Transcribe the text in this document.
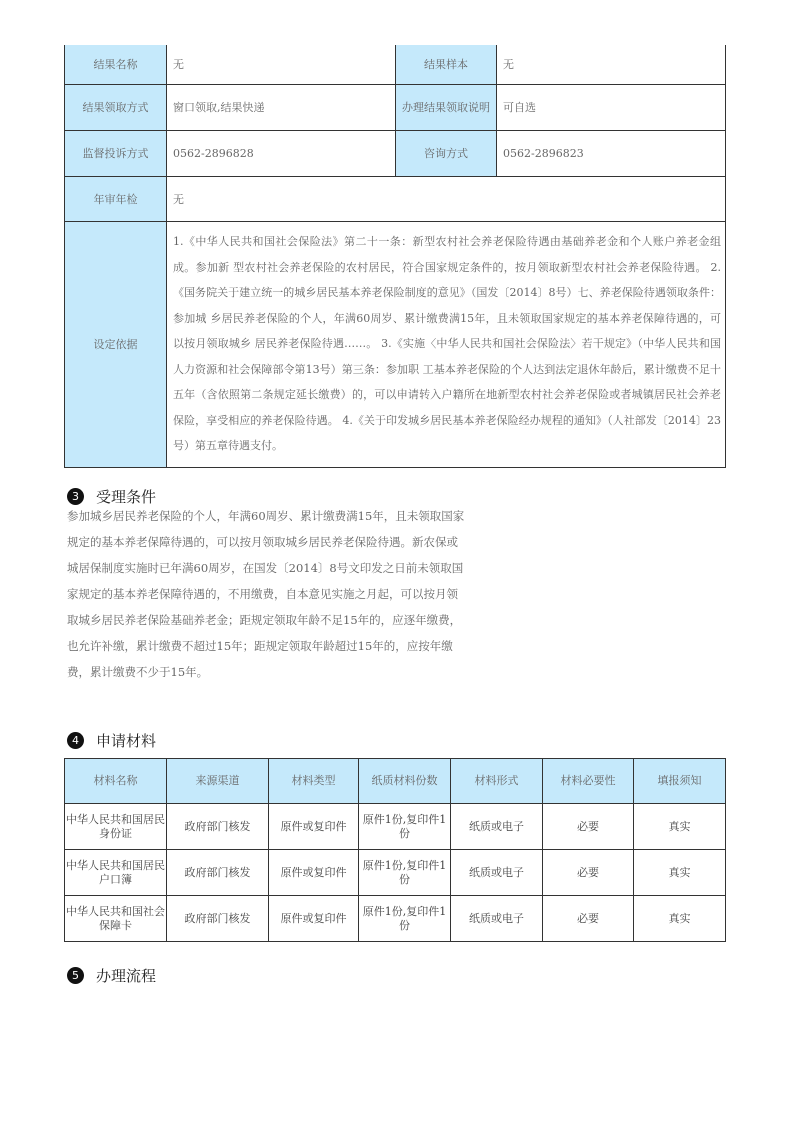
结果名称	无	结果样本	无
结果领取方式	窗口领取,结果快递	办理结果领取说明	可自选
监督投诉方式	0562-2896828	咨询方式	0562-2896823
年审年检	无		
设定依据	1.《中华人民共和国社会保险法》第二十一条：新型农村社会养老保险待遇由基础养老金和个人账户养老金组成。参加新 型农村社会养老保险的农村居民，符合国家规定条件的，按月领取新型农村社会养老保险待遇。 2.《国务院关于建立统一的城乡居民基本养老保险制度的意见》（国发〔2014〕8号）七、养老保险待遇领取条件：参加城 乡居民养老保险的个人，年满60周岁、累计缴费满15年，且未领取国家规定的基本养老保障待遇的，可以按月领取城乡 居民养老保险待遇……。 3.《实施〈中华人民共和国社会保险法〉若干规定》（中华人民共和国人力资源和社会保障部令第13号）第三条：参加职 工基本养老保险的个人达到法定退休年龄后，累计缴费不足十五年（含依照第二条规定延长缴费）的，可以申请转入户籍所在地新型农村社会养老保险或者城镇居民社会养老保险，享受相应的养老保险待遇。 4.《关于印发城乡居民基本养老保险经办规程的通知》（人社部发〔2014〕23号）第五章待遇支付。		
3	受理条件

参加城乡居民养老保险的个人，年满60周岁、累计缴费满15年，且未领取国家规定的基本养老保障待遇的，可以按月领取城乡居民养老保险待遇。新农保或城居保制度实施时已年满60周岁，在国发〔2014〕8号文印发之日前未领取国家规定的基本养老保障待遇的，不用缴费，自本意见实施之月起，可以按月领取城乡居民养老保险基础养老金；距规定领取年龄不足15年的，应逐年缴费，也允许补缴，累计缴费不超过15年；距规定领取年龄超过15年的，应按年缴费，累计缴费不少于15年。

4	申请材料
材料名称	来源渠道	材料类型	纸质材料份数	材料形式	材料必要性	填报须知
中华人民共和国居民身份证	政府部门核发	原件或复印件	原件1份,复印件1份	纸质或电子	必要	真实
中华人民共和国居民户口簿	政府部门核发	原件或复印件	原件1份,复印件1份	纸质或电子	必要	真实
中华人民共和国社会保障卡	政府部门核发	原件或复印件	原件1份,复印件1份	纸质或电子	必要	真实
5	办理流程
